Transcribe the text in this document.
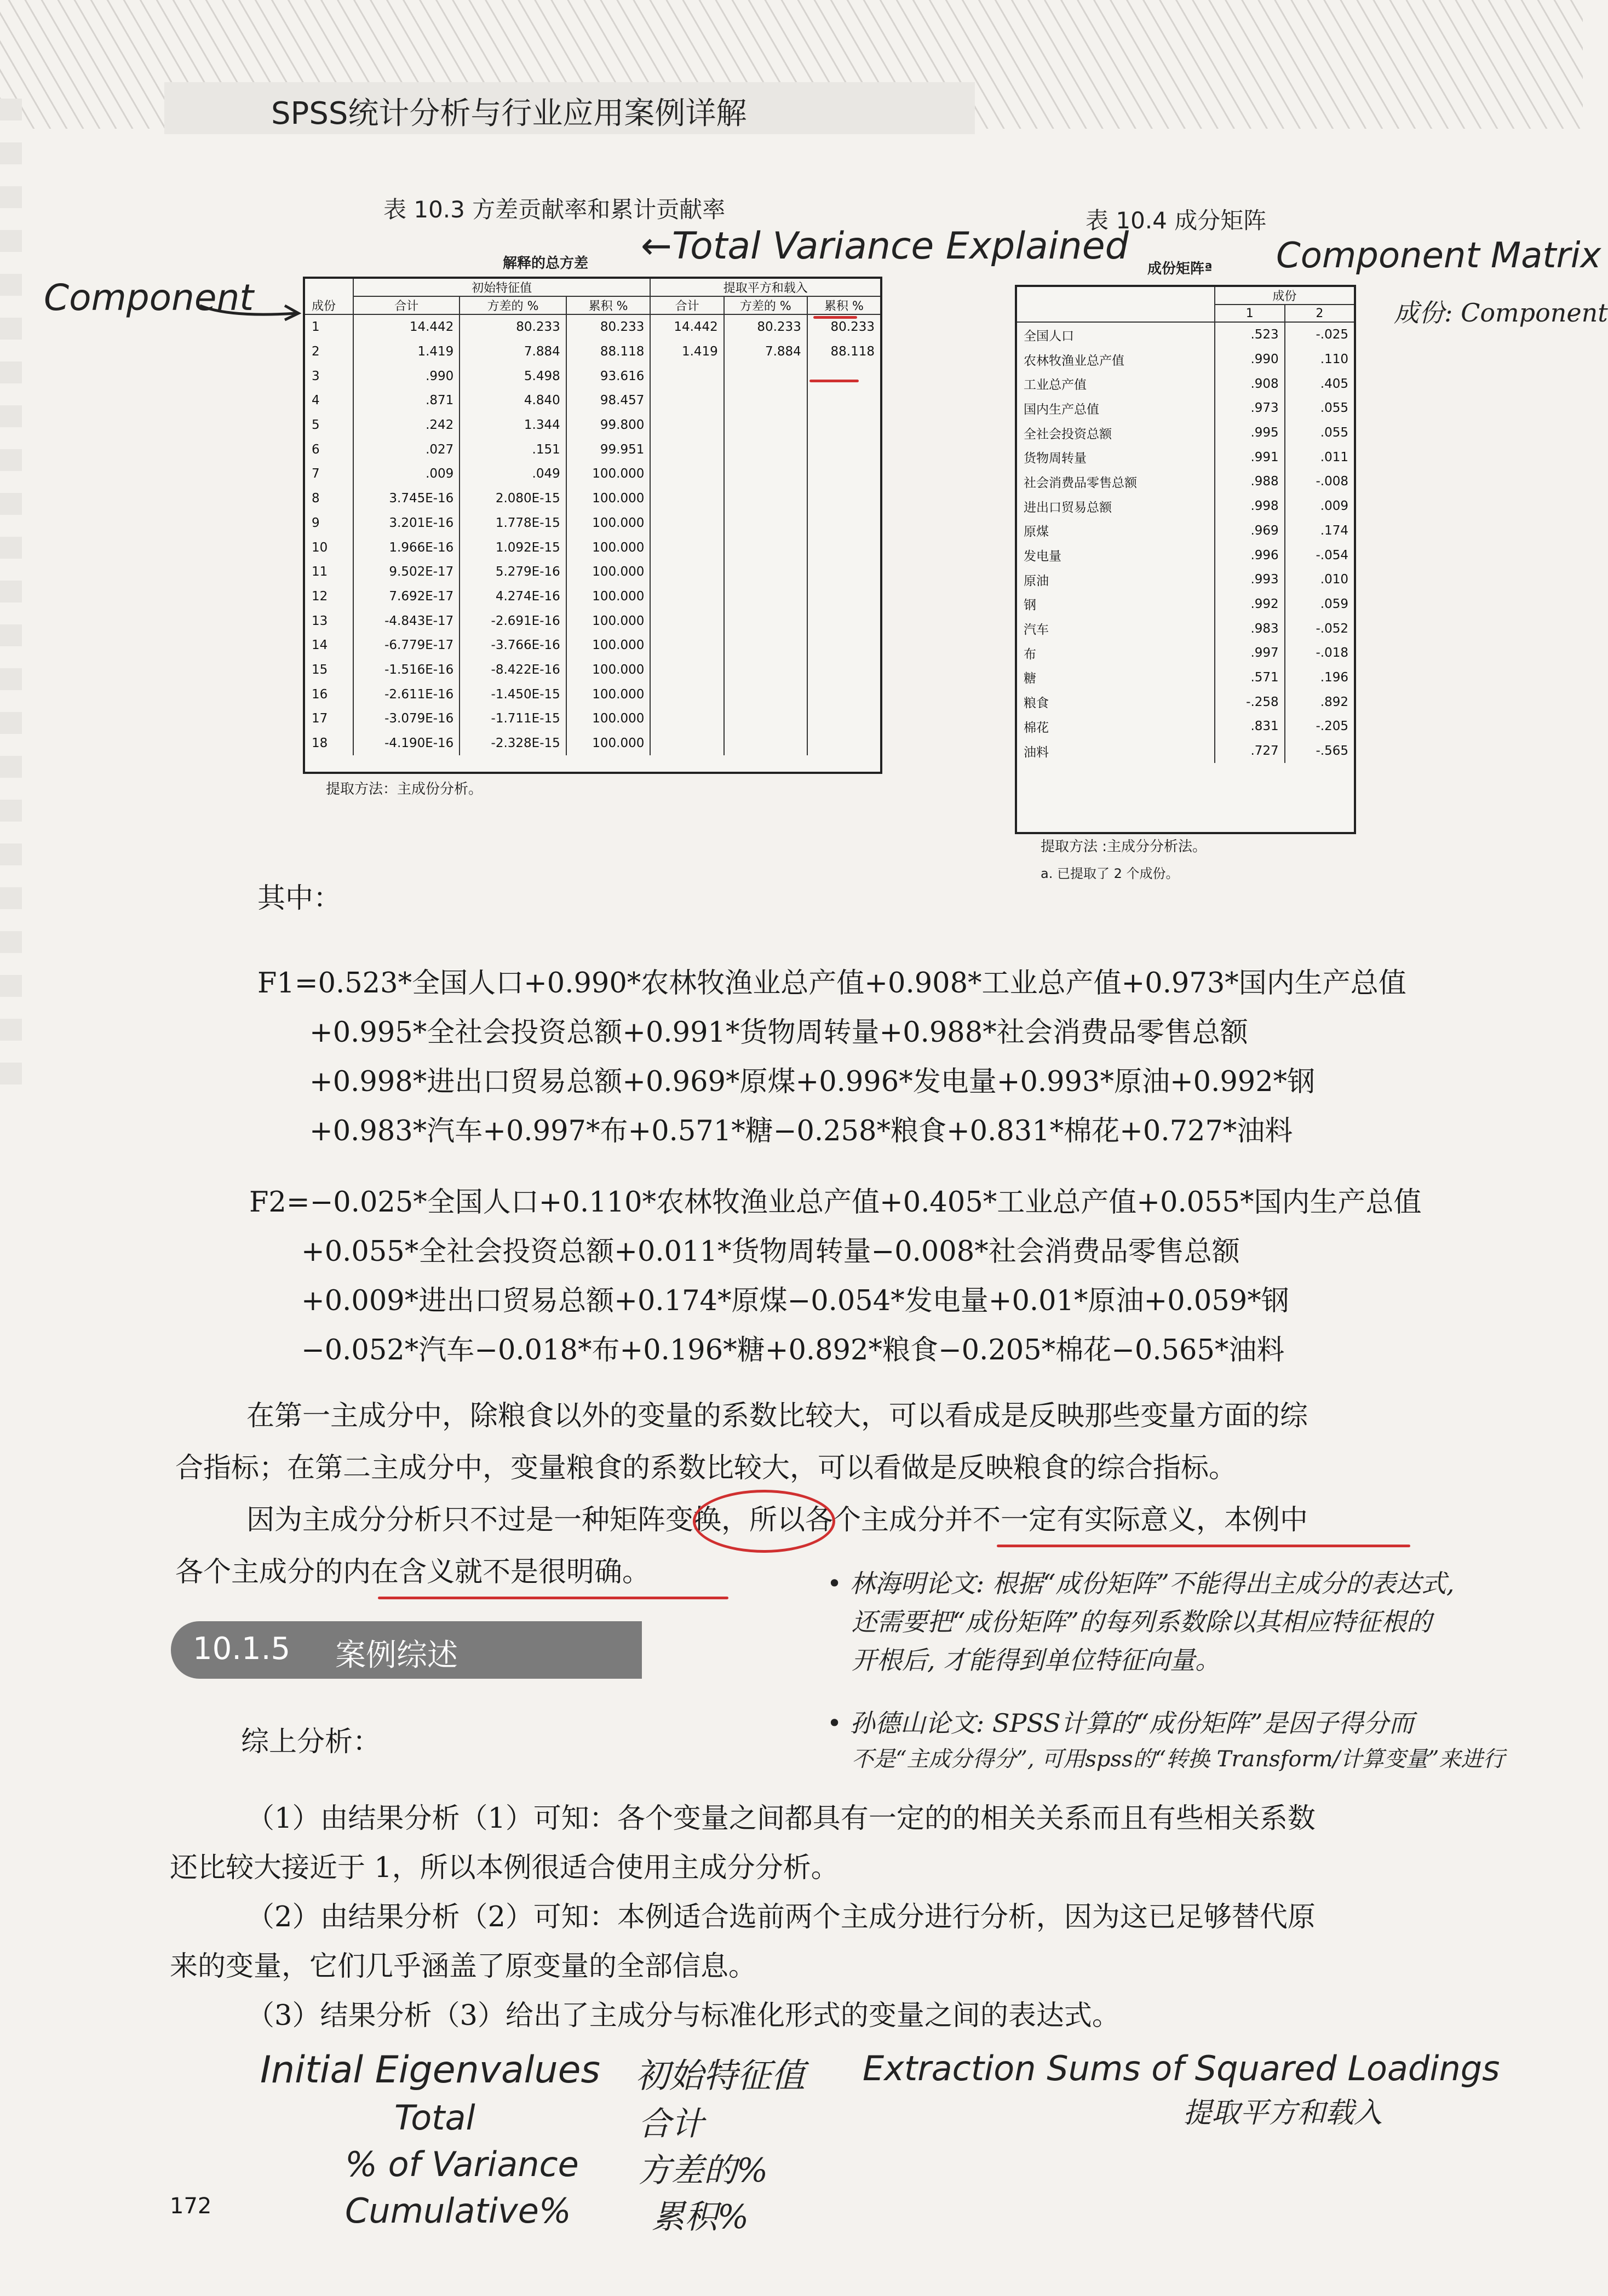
SPSS统计分析与行业应用案例详解
表 10.3 方差贡献率和累计贡献率
解释的总方差
	初始特征值			提取平方和载入		
成份	合计	方差的 %	累积 %	合计	方差的 %	累积 %
1	14.442	80.233	80.233	14.442	80.233	80.233
2	1.419	7.884	88.118	1.419	7.884	88.118
3	.990	5.498	93.616			
4	.871	4.840	98.457			
5	.242	1.344	99.800			
6	.027	.151	99.951			
7	.009	.049	100.000			
8	3.745E-16	2.080E-15	100.000			
9	3.201E-16	1.778E-15	100.000			
10	1.966E-16	1.092E-15	100.000			
11	9.502E-17	5.279E-16	100.000			
12	7.692E-17	4.274E-16	100.000			
13	-4.843E-17	-2.691E-16	100.000			
14	-6.779E-17	-3.766E-16	100.000			
15	-1.516E-16	-8.422E-16	100.000			
16	-2.611E-16	-1.450E-15	100.000			
17	-3.079E-16	-1.711E-15	100.000			
18	-4.190E-16	-2.328E-15	100.000			
提取方法：主成份分析。
表 10.4 成分矩阵
成份矩阵ª
	成份	
	1	2
全国人口	.523	-.025
农林牧渔业总产值	.990	.110
工业总产值	.908	.405
国内生产总值	.973	.055
全社会投资总额	.995	.055
货物周转量	.991	.011
社会消费品零售总额	.988	-.008
进出口贸易总额	.998	.009
原煤	.969	.174
发电量	.996	-.054
原油	.993	.010
钢	.992	.059
汽车	.983	-.052
布	.997	-.018
糖	.571	.196
粮食	-.258	.892
棉花	.831	-.205
油料	.727	-.565
提取方法 :主成分分析法。
a. 已提取了 2 个成份。
Component
←Total Variance Explained	Component Matrix
成份: Component
其中：
F1=0.523*全国人口+0.990*农林牧渔业总产值+0.908*工业总产值+0.973*国内生产总值
+0.995*全社会投资总额+0.991*货物周转量+0.988*社会消费品零售总额
+0.998*进出口贸易总额+0.969*原煤+0.996*发电量+0.993*原油+0.992*钢
+0.983*汽车+0.997*布+0.571*糖−0.258*粮食+0.831*棉花+0.727*油料
F2=−0.025*全国人口+0.110*农林牧渔业总产值+0.405*工业总产值+0.055*国内生产总值
+0.055*全社会投资总额+0.011*货物周转量−0.008*社会消费品零售总额
+0.009*进出口贸易总额+0.174*原煤−0.054*发电量+0.01*原油+0.059*钢
−0.052*汽车−0.018*布+0.196*糖+0.892*粮食−0.205*棉花−0.565*油料
在第一主成分中，除粮食以外的变量的系数比较大，可以看成是反映那些变量方面的综
合指标；在第二主成分中，变量粮食的系数比较大，可以看做是反映粮食的综合指标。
因为主成分分析只不过是一种矩阵变换，所以各个主成分并不一定有实际意义，本例中
各个主成分的内在含义就不是很明确。
10.1.5 案例综述
• 林海明论文: 根据“成份矩阵”不能得出主成分的表达式,
还需要把“成份矩阵”的每列系数除以其相应特征根的
开根后, 才能得到单位特征向量。
• 孙德山论文: SPSS计算的“成份矩阵”是因子得分而
不是“主成分得分”, 可用spss的“转换 Transform/计算变量”来进行
综上分析：
（1）由结果分析（1）可知：各个变量之间都具有一定的的相关关系而且有些相关系数
还比较大接近于 1，所以本例很适合使用主成分分析。
（2）由结果分析（2）可知：本例适合选前两个主成分进行分析，因为这已足够替代原
来的变量，它们几乎涵盖了原变量的全部信息。
（3）结果分析（3）给出了主成分与标准化形式的变量之间的表达式。
Initial Eigenvalues 初始特征值 Extraction Sums of Squared Loadings
提取平方和载入
Total	合计
% of Variance 方差的%
Cumulative% 累积%
172
